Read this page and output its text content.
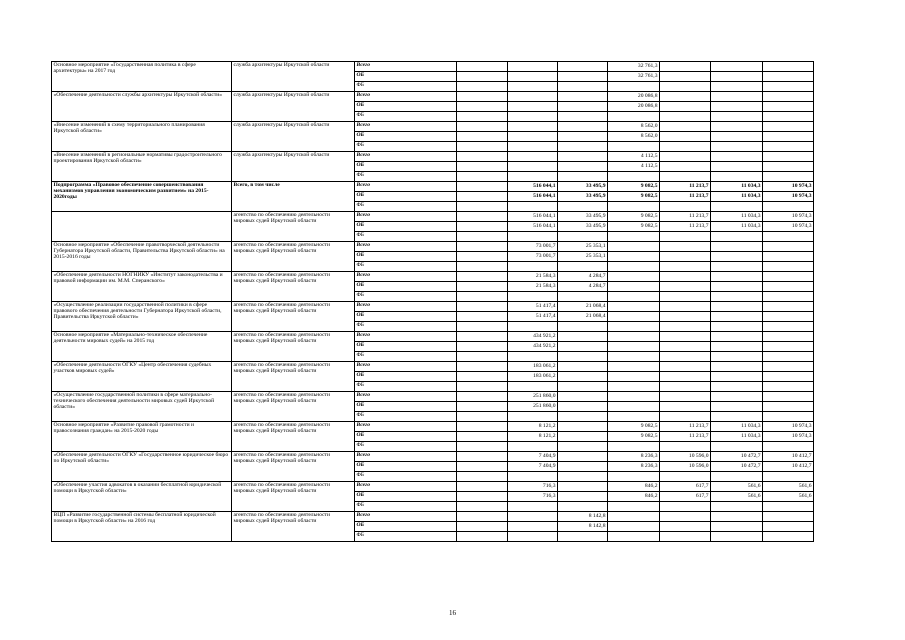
Основное мероприятие «Государственная политика в сфере архитектуры» на 2017 год	служба архитектуры Иркутской области	Всего				32 761,3			
		ОБ				32 761,3			
		ФБ							
«Обеспечение деятельности службы архитектуры Иркутской области»	служба архитектуры Иркутской области	Всего				20 086,8			
		ОБ				20 086,8			
		ФБ							
«Внесение изменений в схему территориального планирования Иркутской области»	служба архитектуры Иркутской области	Всего				8 562,0			
		ОБ				8 562,0			
		ФБ							
«Внесение изменений в региональные нормативы градостроительного проектирования Иркутской области»	служба архитектуры Иркутской области	Всего				4 112,5			
		ОБ				4 112,5			
		ФБ							
Подпрограмма «Правовое обеспечение совершенствования механизмов управления экономическим развитием» на 2015-2020годы	Всего, в том числе	Всего		516 044,1	33 495,9	9 082,5	11 213,7	11 034,3	10 974,3
		ОБ		516 044,1	33 495,9	9 082,5	11 213,7	11 034,3	10 974,3
		ФБ							
	агентство по обеспечению деятельности мировых судей Иркутской области	Всего		516 044,1	33 495,9	9 082,5	11 213,7	11 034,3	10 974,3
		ОБ		516 044,1	33 495,9	9 082,5	11 213,7	11 034,3	10 974,3
		ФБ							
Основное мероприятие «Обеспечение правотворческой деятельности Губернатора Иркутской области, Правительства Иркутской области» на 2015-2016 годы	агентство по обеспечению деятельности мировых судей Иркутской области	Всего		73 001,7	25 353,1				
		ОБ		73 001,7	25 353,1				
		ФБ							
«Обеспечение деятельности НОГНИКУ «Институт законодательства и правовой информации им. М.М. Сперанского»	агентство по обеспечению деятельности мировых судей Иркутской области	Всего		21 584,3	4 284,7				
		ОБ		21 584,3	4 284,7				
		ФБ							
«Осуществление реализации государственной политики в сфере правового обеспечения деятельности Губернатора Иркутской области, Правительства Иркутской области»	агентство по обеспечению деятельности мировых судей Иркутской области	Всего		51 417,4	21 068,4				
		ОБ		51 417,4	21 068,4				
		ФБ							
Основное мероприятие «Материально-техническое обеспечение деятельности мировых судей» на 2015 год	агентство по обеспечению деятельности мировых судей Иркутской области	Всего		434 921,2					
		ОБ		434 921,2					
		ФБ							
«Обеспечение деятельности ОГКУ «Центр обеспечения судебных участков мировых судей»	агентство по обеспечению деятельности мировых судей Иркутской области	Всего		183 061,2					
		ОБ		183 061,2					
		ФБ							
«Осуществление государственной политики в сфере материально-технического обеспечения деятельности мировых судей Иркутской области»	агентство по обеспечению деятельности мировых судей Иркутской области	Всего		251 860,0					
		ОБ		251 860,0					
		ФБ							
Основное мероприятие «Развитие правовой грамотности и правосознания граждан» на 2015-2020 годы	агентство по обеспечению деятельности мировых судей Иркутской области	Всего		8 121,2		9 082,5	11 213,7	11 034,3	10 974,3
		ОБ		8 121,2		9 082,5	11 213,7	11 034,3	10 974,3
		ФБ							
«Обеспечение деятельности ОГКУ «Государственное юридическое бюро по Иркутской области»	агентство по обеспечению деятельности мировых судей Иркутской области	Всего		7 404,9		8 236,3	10 596,0	10 472,7	10 412,7
		ОБ		7 404,9		8 236,3	10 596,0	10 472,7	10 412,7
		ФБ							
«Обеспечение участия адвокатов в оказании бесплатной юридической помощи в Иркутской области»	агентство по обеспечению деятельности мировых судей Иркутской области	Всего		716,3		846,2	617,7	561,6	561,6
		ОБ		716,3		846,2	617,7	561,6	561,6
		ФБ							
ВЦП «Развитие государственной системы бесплатной юридической помощи в Иркутской области» на 2016 год	агентство по обеспечению деятельности мировых судей Иркутской области	Всего			8 142,8				
		ОБ			8 142,8				
		ФБ							
16
